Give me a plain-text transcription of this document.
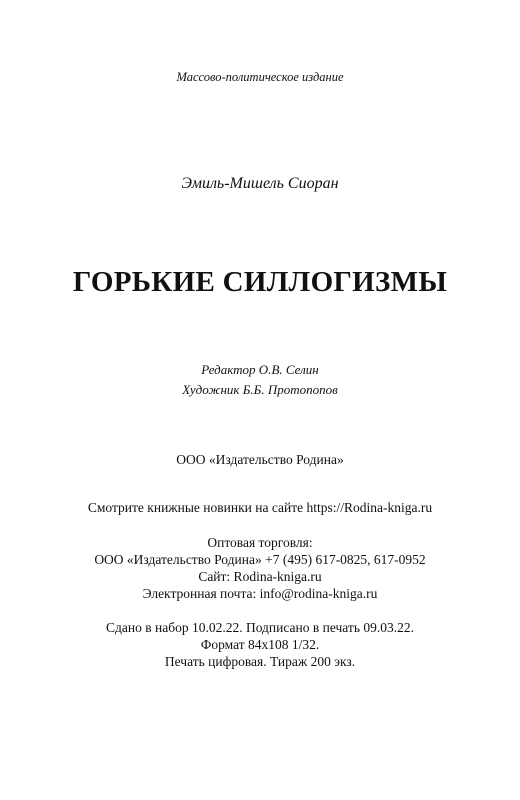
Массово-политическое издание
Эмиль-Мишель Сиоран
ГОРЬКИЕ СИЛЛОГИЗМЫ
Редактор О.В. Селин
Художник Б.Б. Протопопов
ООО «Издательство Родина»
Смотрите книжные новинки на сайте https://Rodina-kniga.ru
Оптовая торговля:
ООО «Издательство Родина» +7 (495) 617-0825, 617-0952
Сайт: Rodina-kniga.ru
Электронная почта: info@rodina-kniga.ru
Сдано в набор 10.02.22. Подписано в печать 09.03.22.
Формат 84x108 1/32.
Печать цифровая. Тираж 200 экз.
